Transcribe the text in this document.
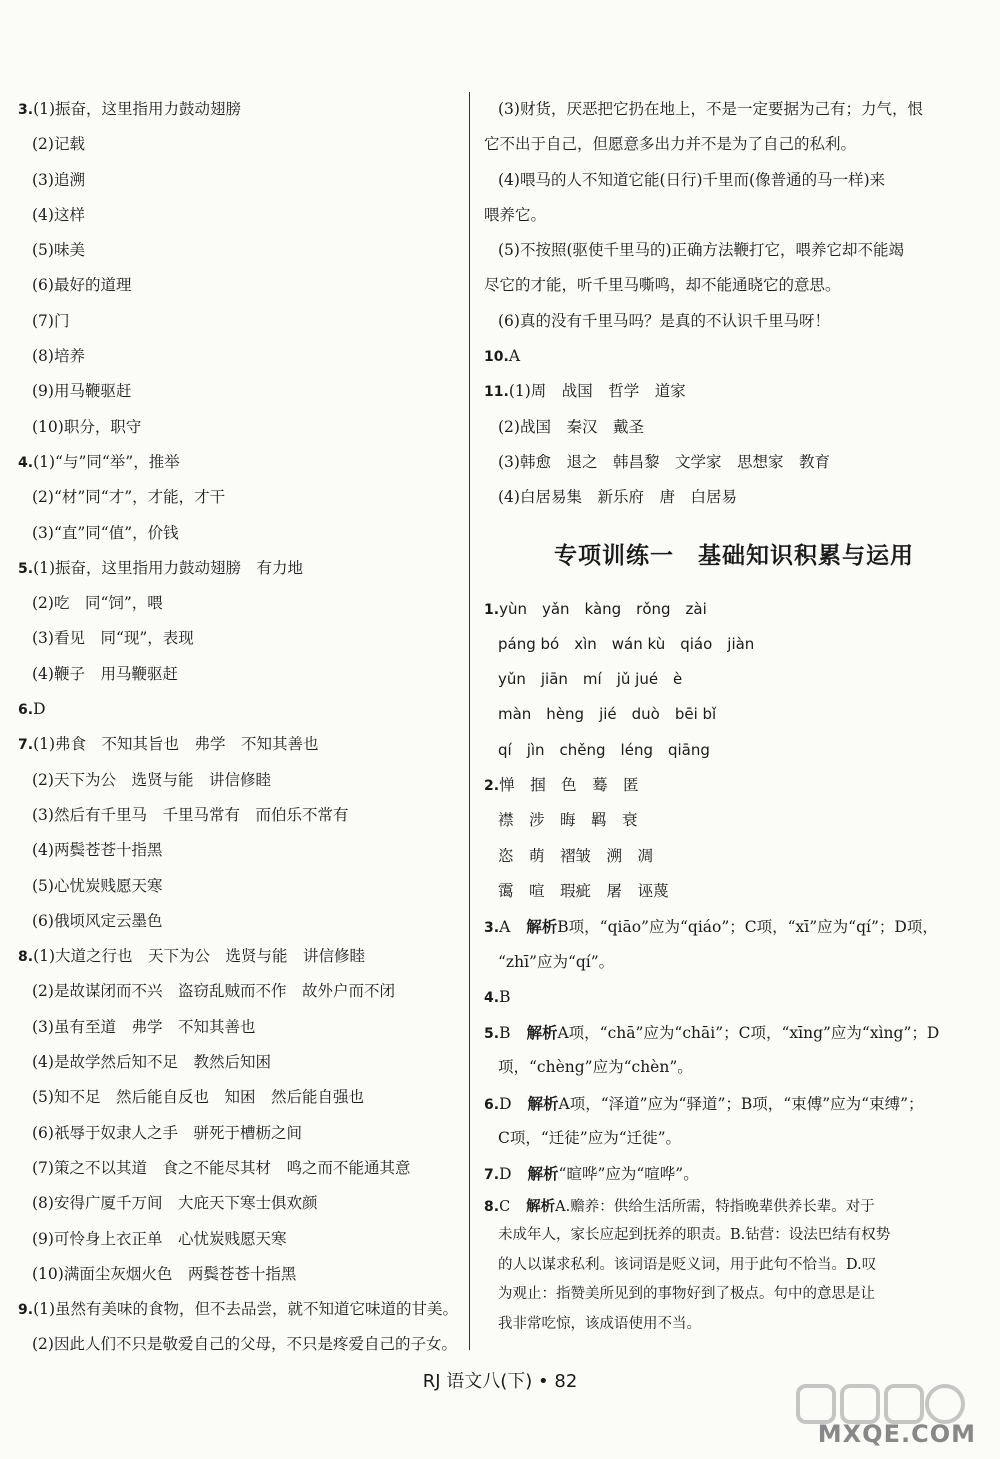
3.(1)振奋，这里指用力鼓动翅膀
(2)记载
(3)追溯
(4)这样
(5)味美
(6)最好的道理
(7)门
(8)培养
(9)用马鞭驱赶
(10)职分，职守
4.(1)“与”同“举”，推举
(2)“材”同“才”，才能，才干
(3)“直”同“值”，价钱
5.(1)振奋，这里指用力鼓动翅膀　有力地
(2)吃　同“饲”，喂
(3)看见　同“现”，表现
(4)鞭子　用马鞭驱赶
6.D
7.(1)弗食　不知其旨也　弗学　不知其善也
(2)天下为公　选贤与能　讲信修睦
(3)然后有千里马　千里马常有　而伯乐不常有
(4)两鬓苍苍十指黑
(5)心忧炭贱愿天寒
(6)俄顷风定云墨色
8.(1)大道之行也　天下为公　选贤与能　讲信修睦
(2)是故谋闭而不兴　盗窃乱贼而不作　故外户而不闭
(3)虽有至道　弗学　不知其善也
(4)是故学然后知不足　教然后知困
(5)知不足　然后能自反也　知困　然后能自强也
(6)祇辱于奴隶人之手　骈死于槽枥之间
(7)策之不以其道　食之不能尽其材　鸣之而不能通其意
(8)安得广厦千万间　大庇天下寒士俱欢颜
(9)可怜身上衣正单　心忧炭贱愿天寒
(10)满面尘灰烟火色　两鬓苍苍十指黑
9.(1)虽然有美味的食物，但不去品尝，就不知道它味道的甘美。
(2)因此人们不只是敬爱自己的父母，不只是疼爱自己的子女。
(3)财货，厌恶把它扔在地上，不是一定要据为己有；力气，恨
它不出于自己，但愿意多出力并不是为了自己的私利。
(4)喂马的人不知道它能(日行)千里而(像普通的马一样)来
喂养它。
(5)不按照(驱使千里马的)正确方法鞭打它，喂养它却不能竭
尽它的才能，听千里马嘶鸣，却不能通晓它的意思。
(6)真的没有千里马吗？是真的不认识千里马呀！
10.A
11.(1)周　战国　哲学　道家
(2)战国　秦汉　戴圣
(3)韩愈　退之　韩昌黎　文学家　思想家　教育
(4)白居易集　新乐府　唐　白居易
专项训练一　基础知识积累与运用
1.yùn　yǎn　kàng　rǒng　zài
páng bó　xìn　wán kù　qiáo　jiàn
yǔn　jiān　mí　jǔ jué　è
màn　hèng　jié　duò　bēi bǐ
qí　jìn　chěng　léng　qiāng
2.惮　掴　色　蓦　匿
襟　涉　晦　羁　衰
恣　萌　褶皱　溯　凋
霭　喧　瑕疵　屠　诬蔑
3.A 解析B项，“qiāo”应为“qiáo”；C项，“xī”应为“qí”；D项，
“zhī”应为“qí”。
4.B
5.B 解析A项，“chā”应为“chāi”；C项，“xīng”应为“xìng”；D
项，“chèng”应为“chèn”。
6.D 解析A项，“泽道”应为“驿道”；B项，“束傅”应为“束缚”；
C项，“迁徒”应为“迁徙”。
7.D 解析“暄哗”应为“喧哗”。
8.C 解析A.赡养：供给生活所需，特指晚辈供养长辈。对于
未成年人，家长应起到抚养的职责。B.钻营：设法巴结有权势
的人以谋求私利。该词语是贬义词，用于此句不恰当。D.叹
为观止：指赞美所见到的事物好到了极点。句中的意思是让
我非常吃惊，该成语使用不当。
RJ 语文八(下) • 82
MXQE.COM
